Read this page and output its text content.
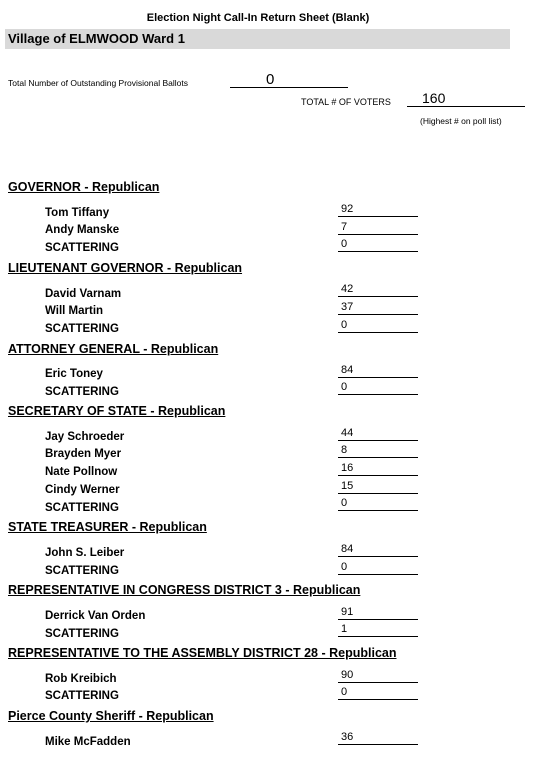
Election Night Call-In Return Sheet (Blank)
Village of ELMWOOD Ward 1
Total Number of Outstanding Provisional Ballots	0
TOTAL # OF VOTERS	160
(Highest # on poll list)
GOVERNOR - Republican
Tom Tiffany	92
Andy Manske	7
SCATTERING	0
LIEUTENANT GOVERNOR - Republican
David Varnam	42
Will Martin	37
SCATTERING	0
ATTORNEY GENERAL - Republican
Eric Toney	84
SCATTERING	0
SECRETARY OF STATE - Republican
Jay Schroeder	44
Brayden Myer	8
Nate Pollnow	16
Cindy Werner	15
SCATTERING	0
STATE TREASURER - Republican
John S. Leiber	84
SCATTERING	0
REPRESENTATIVE IN CONGRESS DISTRICT 3 - Republican
Derrick Van Orden	91
SCATTERING	1
REPRESENTATIVE TO THE ASSEMBLY DISTRICT 28 - Republican
Rob Kreibich	90
SCATTERING	0
Pierce County Sheriff - Republican
Mike McFadden	36
